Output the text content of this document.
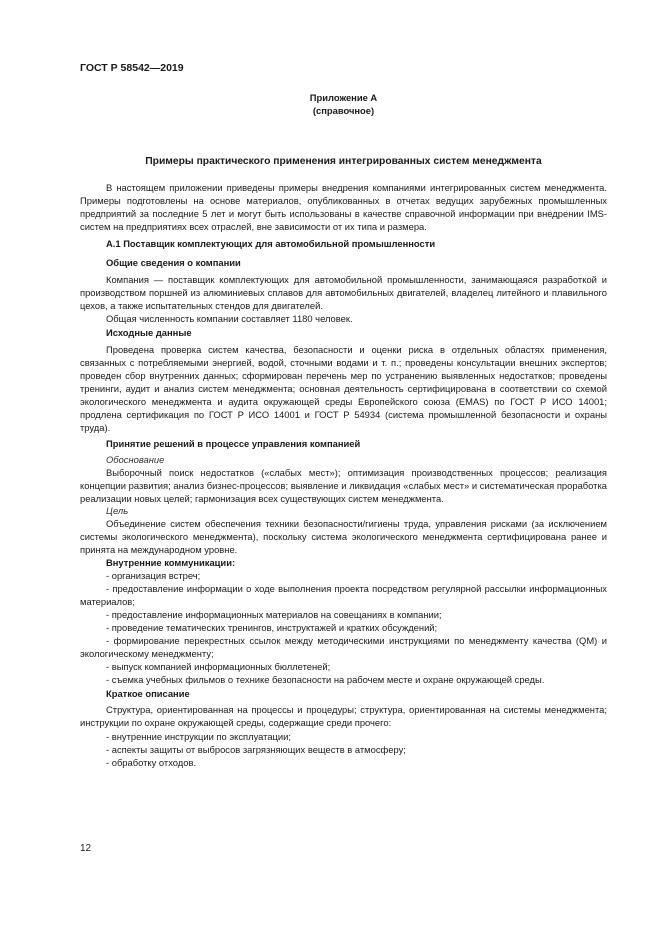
ГОСТ Р 58542—2019
Приложение А
(справочное)
Примеры практического применения интегрированных систем менеджмента
В настоящем приложении приведены примеры внедрения компаниями интегрированных систем менеджмента. Примеры подготовлены на основе материалов, опубликованных в отчетах ведущих зарубежных промышленных предприятий за последние 5 лет и могут быть использованы в качестве справочной информации при внедрении IMS-систем на предприятиях всех отраслей, вне зависимости от их типа и размера.
А.1 Поставщик комплектующих для автомобильной промышленности
Общие сведения о компании
Компания — поставщик комплектующих для автомобильной промышленности, занимающаяся разработкой и производством поршней из алюминиевых сплавов для автомобильных двигателей, владелец литейного и плавильного цехов, а также испытательных стендов для двигателей.
Общая численность компании составляет 1180 человек.
Исходные данные
Проведена проверка систем качества, безопасности и оценки риска в отдельных областях применения, связанных с потребляемыми энергией, водой, сточными водами и т. п.; проведены консультации внешних экспертов; проведен сбор внутренних данных; сформирован перечень мер по устранению выявленных недостатков; проведены тренинги, аудит и анализ систем менеджмента; основная деятельность сертифицирована в соответствии со схемой экологического менеджмента и аудита окружающей среды Европейского союза (EMAS) по ГОСТ Р ИСО 14001; продлена сертификация по ГОСТ Р ИСО 14001 и ГОСТ Р 54934 (система промышленной безопасности и охраны труда).
Принятие решений в процессе управления компанией
Обоснование
Выборочный поиск недостатков («слабых мест»); оптимизация производственных процессов; реализация концепции развития; анализ бизнес-процессов; выявление и ликвидация «слабых мест» и систематическая проработка реализации новых целей; гармонизация всех существующих систем менеджмента.
Цель
Объединение систем обеспечения техники безопасности/гигиены труда, управления рисками (за исключением системы экологического менеджмента), поскольку система экологического менеджмента сертифицирована ранее и принята на международном уровне.
Внутренние коммуникации:
- организация встреч;
- предоставление информации о ходе выполнения проекта посредством регулярной рассылки информационных материалов;
- предоставление информационных материалов на совещаниях в компании;
- проведение тематических тренингов, инструктажей и кратких обсуждений;
- формирование перекрестных ссылок между методическими инструкциями по менеджменту качества (QM) и экологическому менеджменту;
- выпуск компанией информационных бюллетеней;
- съемка учебных фильмов о технике безопасности на рабочем месте и охране окружающей среды.
Краткое описание
Структура, ориентированная на процессы и процедуры; структура, ориентированная на системы менеджмента; инструкции по охране окружающей среды, содержащие среди прочего:
- внутренние инструкции по эксплуатации;
- аспекты защиты от выбросов загрязняющих веществ в атмосферу;
- обработку отходов.
12
